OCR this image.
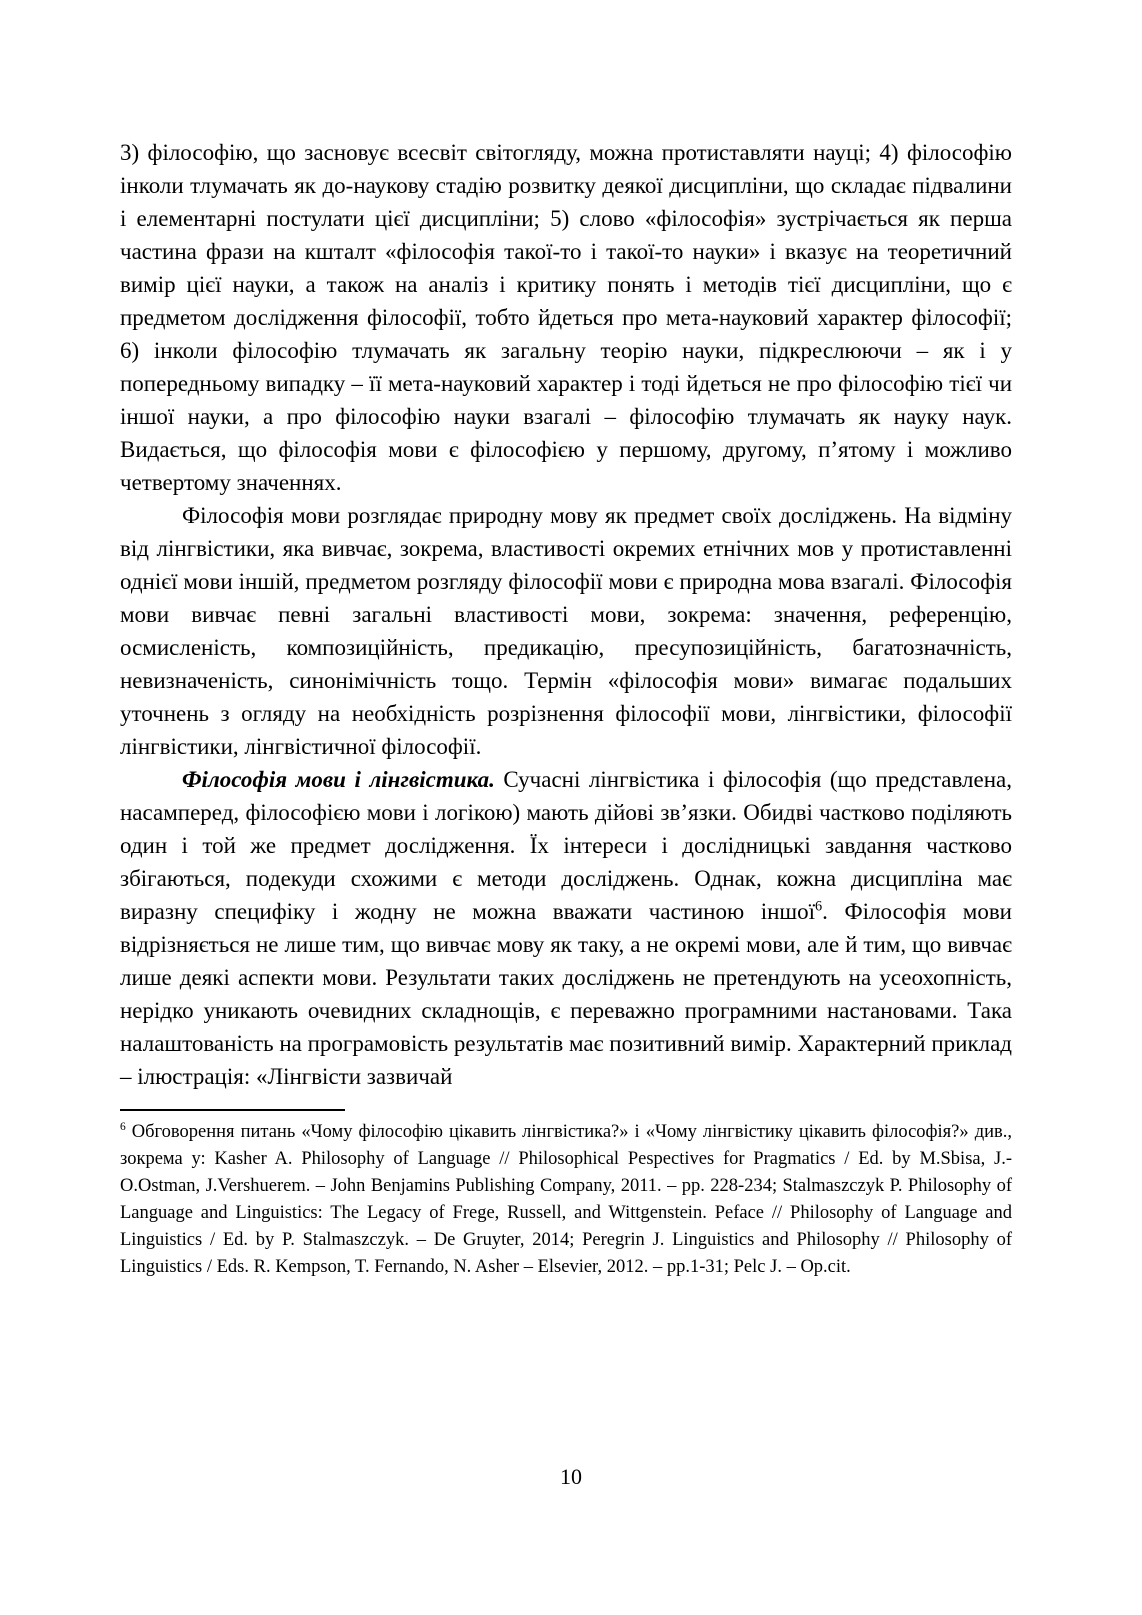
3) філософію, що засновує всесвіт світогляду, можна протиставляти науці; 4) філософію інколи тлумачать як до-наукову стадію розвитку деякої дисципліни, що складає підвалини і елементарні постулати цієї дисципліни; 5) слово «філософія» зустрічається як перша частина фрази на кшталт «філософія такої-то і такої-то науки» і вказує на теоретичний вимір цієї науки, а також на аналіз і критику понять і методів тієї дисципліни, що є предметом дослідження філософії, тобто йдеться про мета-науковий характер філософії; 6) інколи філософію тлумачать як загальну теорію науки, підкреслюючи – як і у попередньому випадку – її мета-науковий характер і тоді йдеться не про філософію тієї чи іншої науки, а про філософію науки взагалі – філософію тлумачать як науку наук. Видається, що філософія мови є філософією у першому, другому, п’ятому і можливо четвертому значеннях.

Філософія мови розглядає природну мову як предмет своїх досліджень. На відміну від лінгвістики, яка вивчає, зокрема, властивості окремих етнічних мов у протиставленні однієї мови іншій, предметом розгляду філософії мови є природна мова взагалі. Філософія мови вивчає певні загальні властивості мови, зокрема: значення, референцію, осмисленість, композиційність, предикацію, пресупозиційність, багатозначність, невизначеність, синонімічність тощо. Термін «філософія мови» вимагає подальших уточнень з огляду на необхідність розрізнення філософії мови, лінгвістики, філософії лінгвістики, лінгвістичної філософії.

Філософія мови і лінгвістика. Сучасні лінгвістика і філософія (що представлена, насамперед, філософією мови і логікою) мають дійові зв’язки. Обидві частково поділяють один і той же предмет дослідження. Їх інтереси і дослідницькі завдання частково збігаються, подекуди схожими є методи досліджень. Однак, кожна дисципліна має виразну специфіку і жодну не можна вважати частиною іншої$^6$. Філософія мови відрізняється не лише тим, що вивчає мову як таку, а не окремі мови, але й тим, що вивчає лише деякі аспекти мови. Результати таких досліджень не претендують на усеохопність, нерідко уникають очевидних складнощів, є переважно програмними настановами. Така налаштованість на програмовість результатів має позитивний вимір. Характерний приклад – ілюстрація: «Лінгвісти зазвичай

$^6$ Обговорення питань «Чому філософію цікавить лінгвістика?» і «Чому лінгвістику цікавить філософія?» див., зокрема у: Kasher A. Philosophy of Language // Philosophical Pespectives for Pragmatics / Ed. by M.Sbisa, J.-O.Ostman, J.Vershuerem. – John Benjamins Publishing Company, 2011. – pp. 228-234; Stalmaszczyk P. Philosophy of Language and Linguistics: The Legacy of Frege, Russell, and Wittgenstein. Peface // Philosophy of Language and Linguistics / Ed. by P. Stalmaszczyk. – De Gruyter, 2014; Peregrin J. Linguistics and Philosophy // Philosophy of Linguistics / Eds. R. Kempson, T. Fernando, N. Asher – Elsevier, 2012. – pp.1-31; Pelc J. – Op.cit.

10
